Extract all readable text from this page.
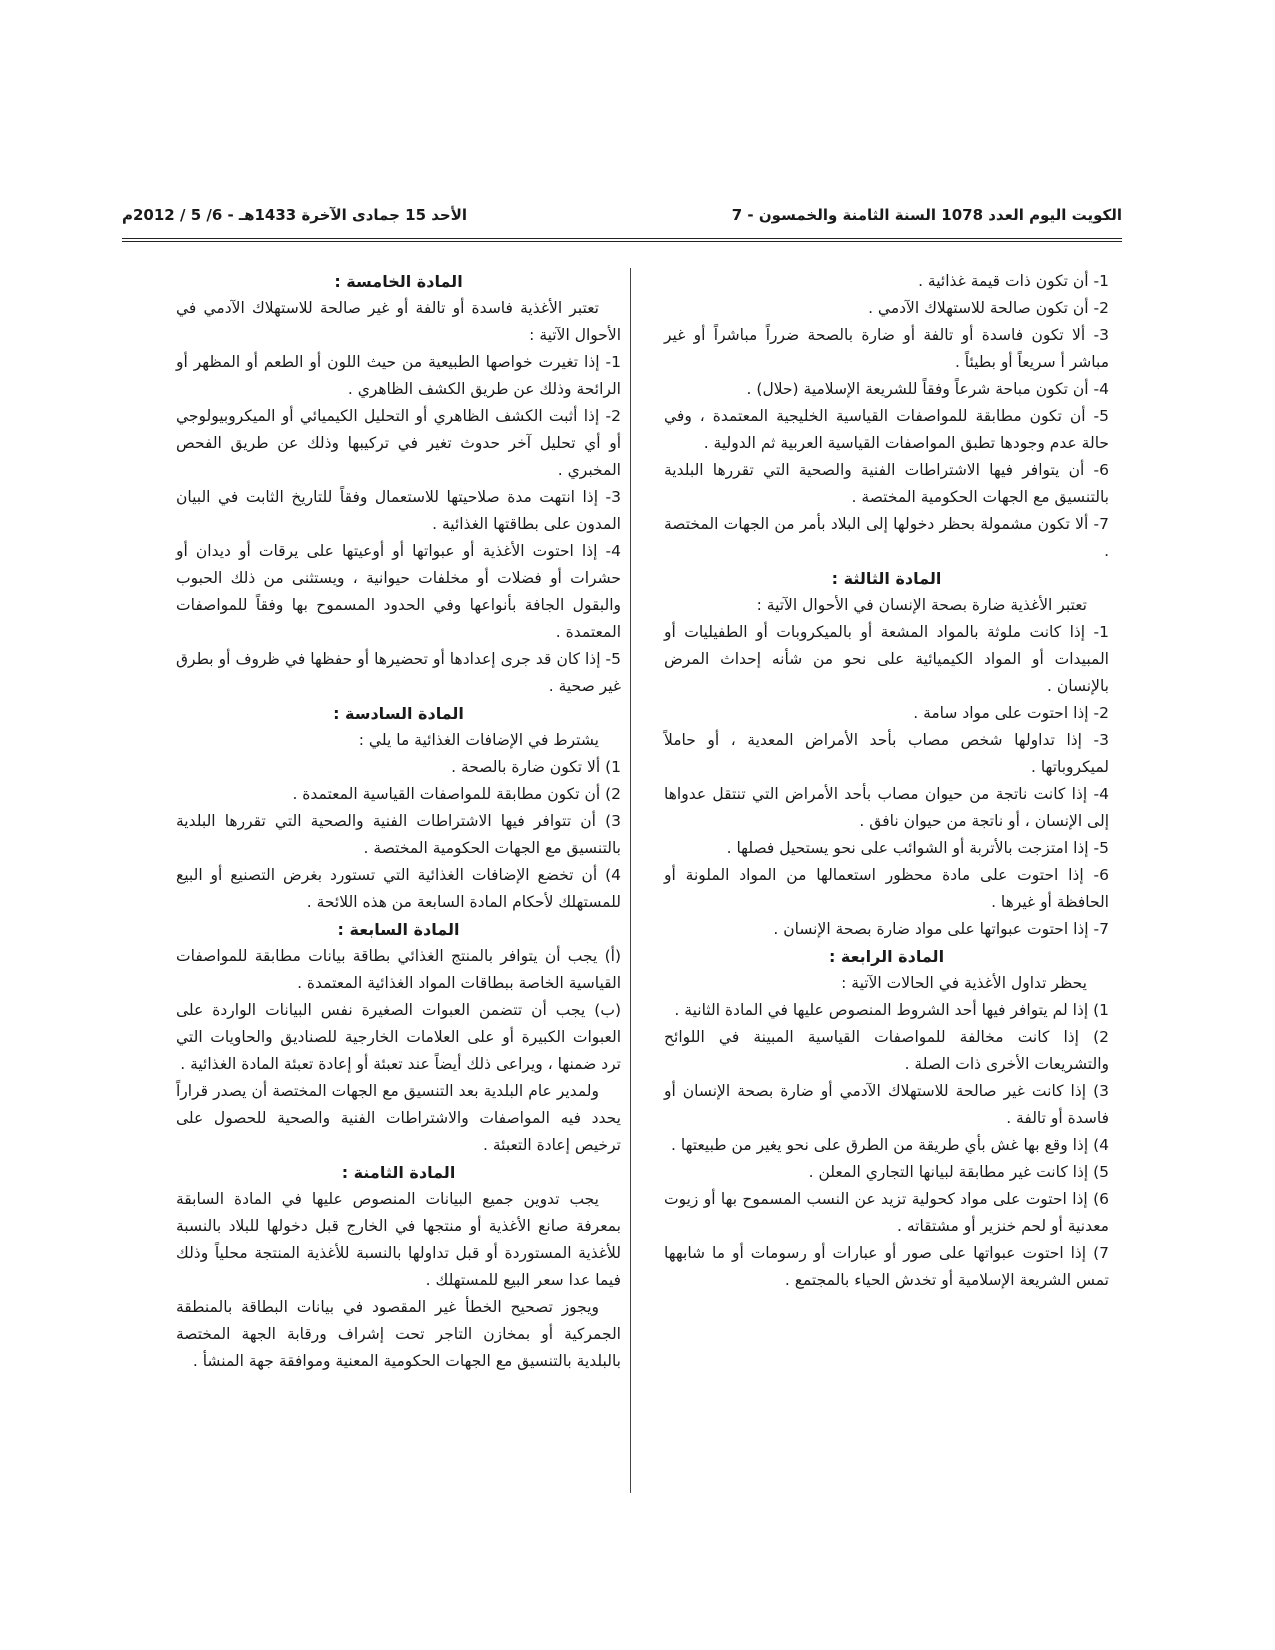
الكويت اليوم العدد 1078 السنة الثامنة والخمسون - 7
الأحد 15 جمادى الآخرة 1433هـ - 6/ 5 / 2012م
1- أن تكون ذات قيمة غذائية .
2- أن تكون صالحة للاستهلاك الآدمي .
3- ألا تكون فاسدة أو تالفة أو ضارة بالصحة ضرراً مباشراً أو غير مباشر أ سريعاً أو بطيئاً .
4- أن تكون مباحة شرعاً وفقاً للشريعة الإسلامية (حلال) .
5- أن تكون مطابقة للمواصفات القياسية الخليجية المعتمدة ، وفي حالة عدم وجودها تطبق المواصفات القياسية العربية ثم الدولية .
6- أن يتوافر فيها الاشتراطات الفنية والصحية التي تقررها البلدية بالتنسيق مع الجهات الحكومية المختصة .
7- ألا تكون مشمولة بحظر دخولها إلى البلاد بأمر من الجهات المختصة .
المادة الثالثة :
تعتبر الأغذية ضارة بصحة الإنسان في الأحوال الآتية :
1- إذا كانت ملوثة بالمواد المشعة أو بالميكروبات أو الطفيليات أو المبيدات أو المواد الكيميائية على نحو من شأنه إحداث المرض بالإنسان .
2- إذا احتوت على مواد سامة .
3- إذا تداولها شخص مصاب بأحد الأمراض المعدية ، أو حاملاً لميكروباتها .
4- إذا كانت ناتجة من حيوان مصاب بأحد الأمراض التي تنتقل عدواها إلى الإنسان ، أو ناتجة من حيوان نافق .
5- إذا امتزجت بالأتربة أو الشوائب على نحو يستحيل فصلها .
6- إذا احتوت على مادة محظور استعمالها من المواد الملونة أو الحافظة أو غيرها .
7- إذا احتوت عبواتها على مواد ضارة بصحة الإنسان .
المادة الرابعة :
يحظر تداول الأغذية في الحالات الآتية :
1) إذا لم يتوافر فيها أحد الشروط المنصوص عليها في المادة الثانية .
2) إذا كانت مخالفة للمواصفات القياسية المبينة في اللوائح والتشريعات الأخرى ذات الصلة .
3) إذا كانت غير صالحة للاستهلاك الآدمي أو ضارة بصحة الإنسان أو فاسدة أو تالفة .
4) إذا وقع بها غش بأي طريقة من الطرق على نحو يغير من طبيعتها .
5) إذا كانت غير مطابقة لبيانها التجاري المعلن .
6) إذا احتوت على مواد كحولية تزيد عن النسب المسموح بها أو زيوت معدنية أو لحم خنزير أو مشتقاته .
7) إذا احتوت عبواتها على صور أو عبارات أو رسومات أو ما شابهها تمس الشريعة الإسلامية أو تخدش الحياء بالمجتمع .
المادة الخامسة :
تعتبر الأغذية فاسدة أو تالفة أو غير صالحة للاستهلاك الآدمي في الأحوال الآتية :
1- إذا تغيرت خواصها الطبيعية من حيث اللون أو الطعم أو المظهر أو الرائحة وذلك عن طريق الكشف الظاهري .
2- إذا أثبت الكشف الظاهري أو التحليل الكيميائي أو الميكروبيولوجي أو أي تحليل آخر حدوث تغير في تركيبها وذلك عن طريق الفحص المخبري .
3- إذا انتهت مدة صلاحيتها للاستعمال وفقاً للتاريخ الثابت في البيان المدون على بطاقتها الغذائية .
4- إذا احتوت الأغذية أو عبواتها أو أوعيتها على يرقات أو ديدان أو حشرات أو فضلات أو مخلفات حيوانية ، ويستثنى من ذلك الحبوب والبقول الجافة بأنواعها وفي الحدود المسموح بها وفقاً للمواصفات المعتمدة .
5- إذا كان قد جرى إعدادها أو تحضيرها أو حفظها في ظروف أو بطرق غير صحية .
المادة السادسة :
يشترط في الإضافات الغذائية ما يلي :
1) ألا تكون ضارة بالصحة .
2) أن تكون مطابقة للمواصفات القياسية المعتمدة .
3) أن تتوافر فيها الاشتراطات الفنية والصحية التي تقررها البلدية بالتنسيق مع الجهات الحكومية المختصة .
4) أن تخضع الإضافات الغذائية التي تستورد بغرض التصنيع أو البيع للمستهلك لأحكام المادة السابعة من هذه اللائحة .
المادة السابعة :
(أ) يجب أن يتوافر بالمنتج الغذائي بطاقة بيانات مطابقة للمواصفات القياسية الخاصة ببطاقات المواد الغذائية المعتمدة .
(ب) يجب أن تتضمن العبوات الصغيرة نفس البيانات الواردة على العبوات الكبيرة أو على العلامات الخارجية للصناديق والحاويات التي ترد ضمنها ، ويراعى ذلك أيضاً عند تعبئة أو إعادة تعبئة المادة الغذائية .
ولمدير عام البلدية بعد التنسيق مع الجهات المختصة أن يصدر قراراً يحدد فيه المواصفات والاشتراطات الفنية والصحية للحصول على ترخيص إعادة التعبئة .
المادة الثامنة :
يجب تدوين جميع البيانات المنصوص عليها في المادة السابقة بمعرفة صانع الأغذية أو منتجها في الخارج قبل دخولها للبلاد بالنسبة للأغذية المستوردة أو قبل تداولها بالنسبة للأغذية المنتجة محلياً وذلك فيما عدا سعر البيع للمستهلك .
ويجوز تصحيح الخطأ غير المقصود في بيانات البطاقة بالمنطقة الجمركية أو بمخازن التاجر تحت إشراف ورقابة الجهة المختصة بالبلدية بالتنسيق مع الجهات الحكومية المعنية وموافقة جهة المنشأ .
